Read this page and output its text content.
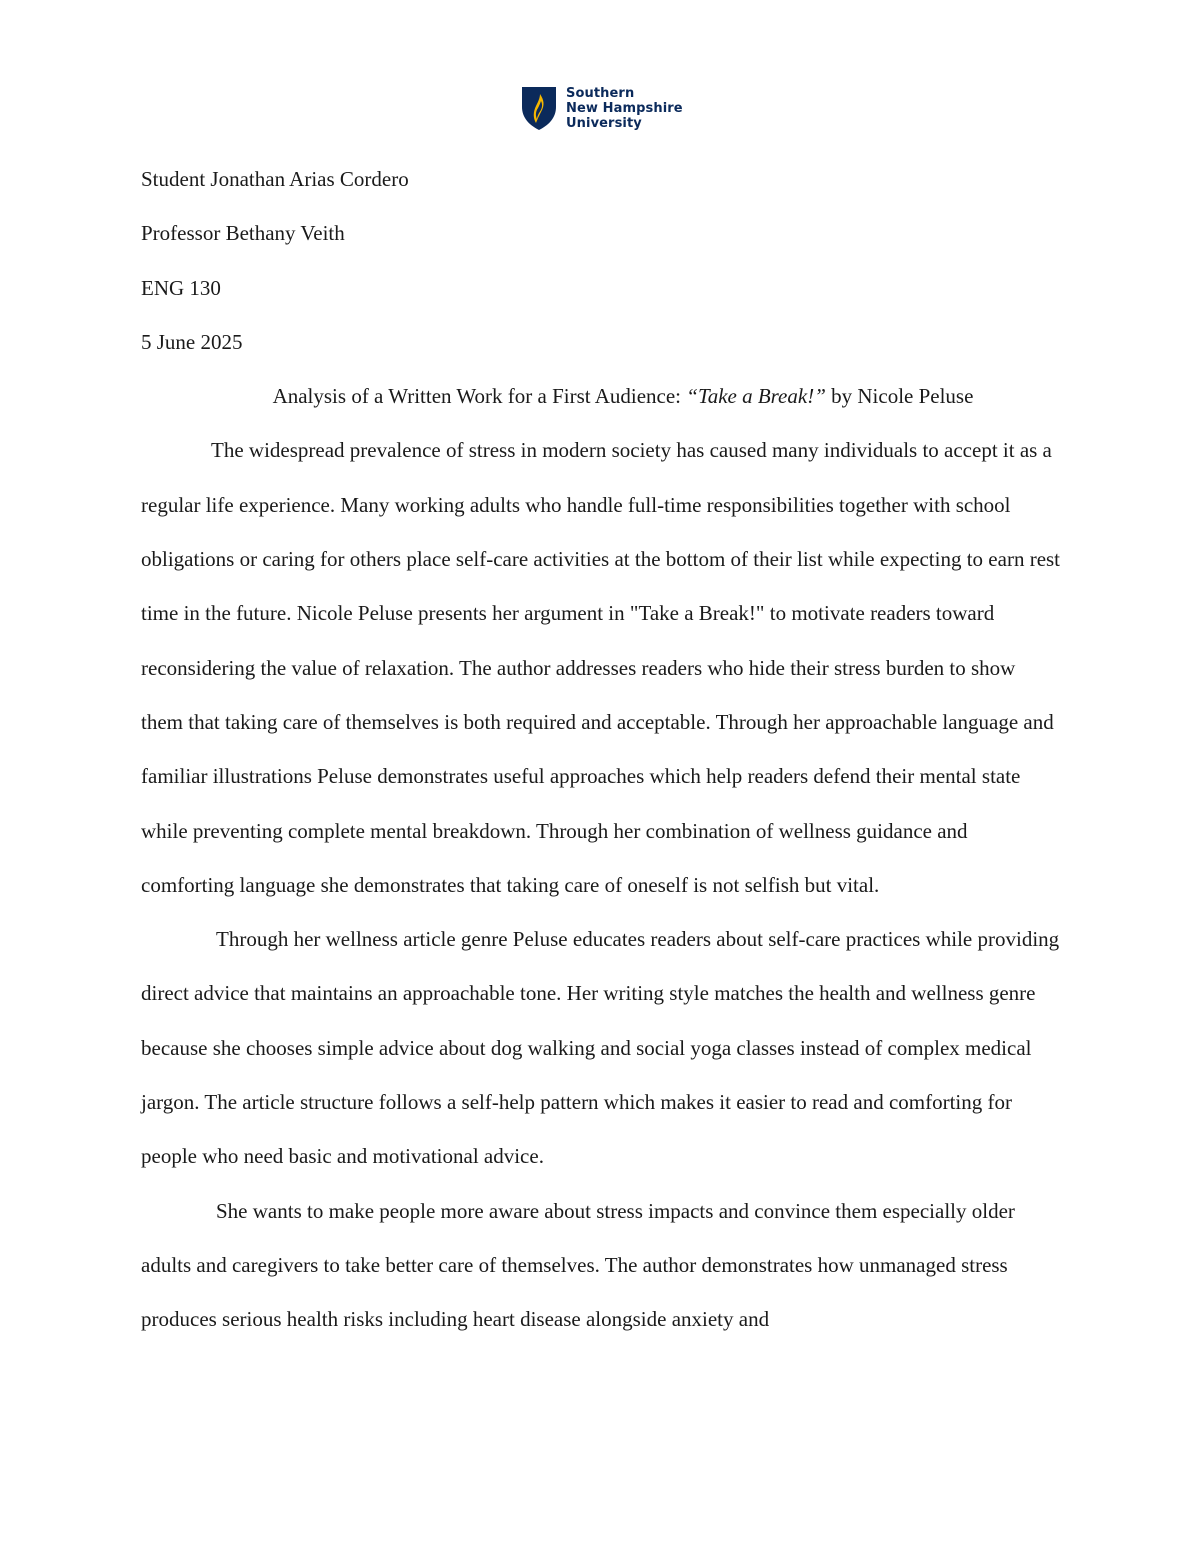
Southern
New Hampshire
University

Student Jonathan Arias Cordero

Professor Bethany Veith

ENG 130

5 June 2025

Analysis of a Written Work for a First Audience: “Take a Break!” by Nicole Peluse

The widespread prevalence of stress in modern society has caused many individuals to accept it as a regular life experience. Many working adults who handle full-time responsibilities together with school obligations or caring for others place self-care activities at the bottom of their list while expecting to earn rest time in the future. Nicole Peluse presents her argument in "Take a Break!" to motivate readers toward reconsidering the value of relaxation. The author addresses readers who hide their stress burden to show them that taking care of themselves is both required and acceptable. Through her approachable language and familiar illustrations Peluse demonstrates useful approaches which help readers defend their mental state while preventing complete mental breakdown. Through her combination of wellness guidance and comforting language she demonstrates that taking care of oneself is not selfish but vital.

Through her wellness article genre Peluse educates readers about self-care practices while providing direct advice that maintains an approachable tone. Her writing style matches the health and wellness genre because she chooses simple advice about dog walking and social yoga classes instead of complex medical jargon. The article structure follows a self-help pattern which makes it easier to read and comforting for people who need basic and motivational advice.

She wants to make people more aware about stress impacts and convince them especially older adults and caregivers to take better care of themselves. The author demonstrates how unmanaged stress produces serious health risks including heart disease alongside anxiety and
